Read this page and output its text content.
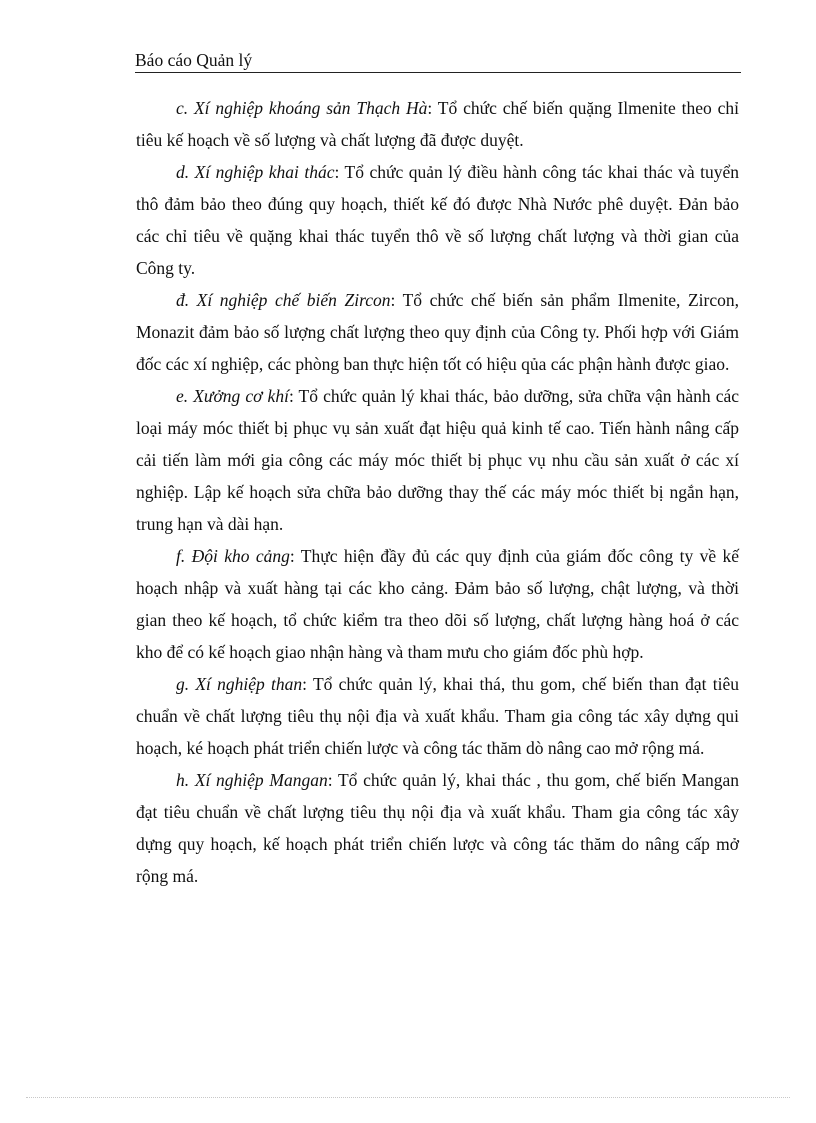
Báo cáo Quản lý

c. Xí nghiệp khoáng sản Thạch Hà: Tổ chức chế biến quặng Ilmenite theo chỉ tiêu kế hoạch về số lượng và chất lượng đã được duyệt.

d. Xí nghiệp khai thác: Tổ chức quản lý điều hành công tác khai thác và tuyển thô đảm bảo theo đúng quy hoạch, thiết kế đó được Nhà Nước phê duyệt. Đản bảo các chỉ tiêu về quặng khai thác tuyển thô về số lượng chất lượng và thời gian của Công ty.

đ. Xí nghiệp chế biến Zircon: Tổ chức chế biến sản phẩm Ilmenite, Zircon, Monazit đảm bảo số lượng chất lượng theo quy định của Công ty. Phối hợp với Giám đốc các xí nghiệp, các phòng ban thực hiện tốt có hiệu qủa các phận hành được giao.

e. Xưởng cơ khí: Tổ chức quản lý khai thác, bảo dưỡng, sửa chữa vận hành các loại máy móc thiết bị phục vụ sản xuất đạt hiệu quả kinh tế cao. Tiến hành nâng cấp cải tiến làm mới gia công các máy móc thiết bị phục vụ nhu cầu sản xuất ở các xí nghiệp. Lập kế hoạch sửa chữa bảo dưỡng thay thế các máy móc thiết bị ngắn hạn, trung hạn và dài hạn.

f. Đội kho cảng: Thực hiện đầy đủ các quy định của giám đốc công ty về kế hoạch nhập và xuất hàng tại các kho cảng. Đảm bảo số lượng, chật lượng, và thời gian theo kế hoạch, tổ chức kiểm tra theo dõi số lượng, chất lượng hàng hoá ở các kho để có kế hoạch giao nhận hàng và tham mưu cho giám đốc phù hợp.

g. Xí nghiệp than: Tổ chức quản lý, khai thá, thu gom, chế biến than đạt tiêu chuẩn về chất lượng tiêu thụ nội địa và xuất khẩu. Tham gia công tác xây dựng qui hoạch, ké hoạch phát triển chiến lược và công tác thăm dò nâng cao mở rộng má.

h. Xí nghiệp Mangan: Tổ chức quản lý, khai thác , thu gom, chế biến Mangan đạt tiêu chuẩn về chất lượng tiêu thụ nội địa và xuất khẩu. Tham gia công tác xây dựng quy hoạch, kế hoạch phát triển chiến lược và công tác thăm do nâng cấp mở rộng má.
